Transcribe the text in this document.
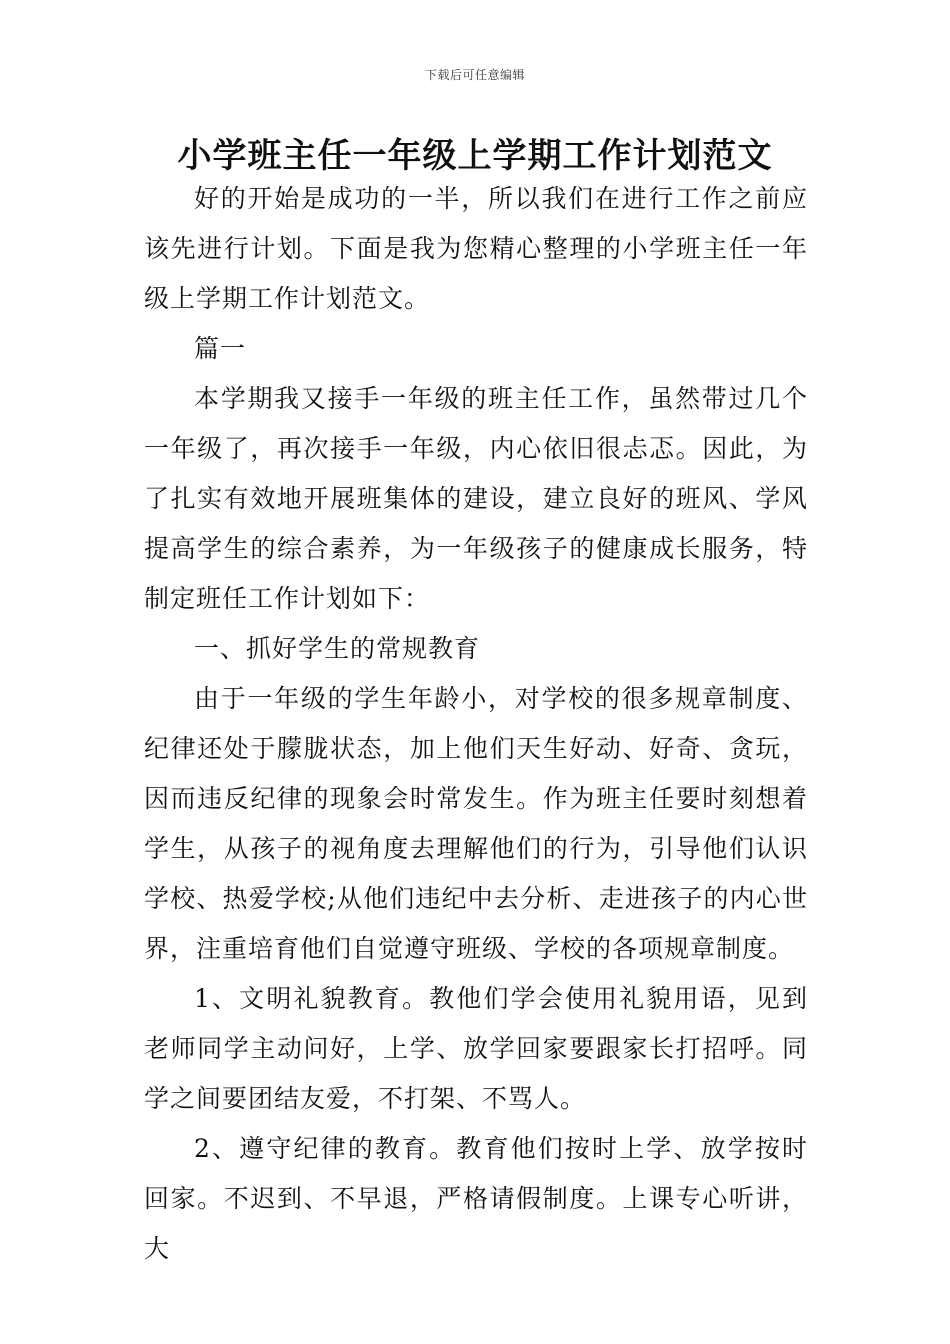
下载后可任意编辑
小学班主任一年级上学期工作计划范文

好的开始是成功的一半，所以我们在进行工作之前应该先进行计划。下面是我为您精心整理的小学班主任一年级上学期工作计划范文。

篇一

本学期我又接手一年级的班主任工作，虽然带过几个一年级了，再次接手一年级，内心依旧很忐忑。因此，为了扎实有效地开展班集体的建设，建立良好的班风、学风提高学生的综合素养，为一年级孩子的健康成长服务，特制定班任工作计划如下：

一、抓好学生的常规教育

由于一年级的学生年龄小，对学校的很多规章制度、纪律还处于朦胧状态，加上他们天生好动、好奇、贪玩，因而违反纪律的现象会时常发生。作为班主任要时刻想着学生，从孩子的视角度去理解他们的行为，引导他们认识学校、热爱学校;从他们违纪中去分析、走进孩子的内心世界，注重培育他们自觉遵守班级、学校的各项规章制度。

1、文明礼貌教育。教他们学会使用礼貌用语，见到老师同学主动问好，上学、放学回家要跟家长打招呼。同学之间要团结友爱，不打架、不骂人。

2、遵守纪律的教育。教育他们按时上学、放学按时回家。不迟到、不早退，严格请假制度。上课专心听讲，大
